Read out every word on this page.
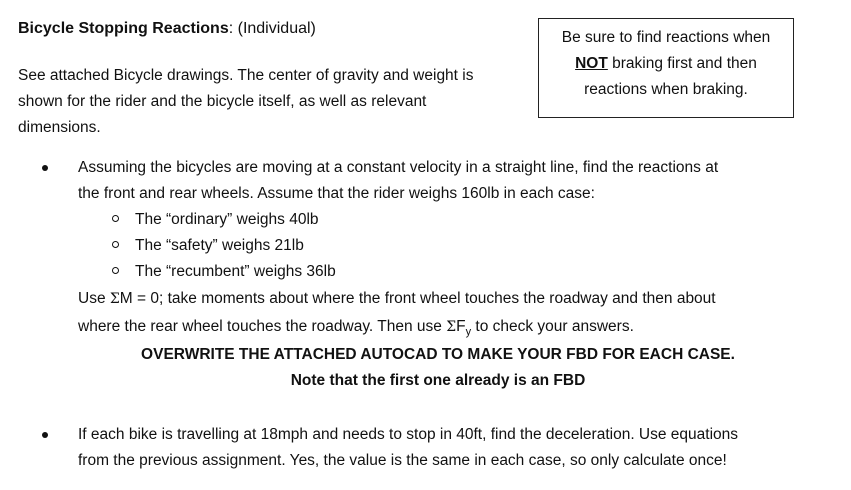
Bicycle Stopping Reactions: (Individual)
See attached Bicycle drawings. The center of gravity and weight is
shown for the rider and the bicycle itself, as well as relevant
dimensions.
Be sure to find reactions when
NOT braking first and then
reactions when braking.
Assuming the bicycles are moving at a constant velocity in a straight line, find the reactions at
the front and rear wheels. Assume that the rider weighs 160lb in each case:
The “ordinary” weighs 40lb
The “safety” weighs 21lb
The “recumbent” weighs 36lb
Use ΣM = 0; take moments about where the front wheel touches the roadway and then about
where the rear wheel touches the roadway. Then use $\Sigma F_y$ to check your answers.
OVERWRITE THE ATTACHED AUTOCAD TO MAKE YOUR FBD FOR EACH CASE.
Note that the first one already is an FBD
If each bike is travelling at 18mph and needs to stop in 40ft, find the deceleration. Use equations
from the previous assignment. Yes, the value is the same in each case, so only calculate once!
